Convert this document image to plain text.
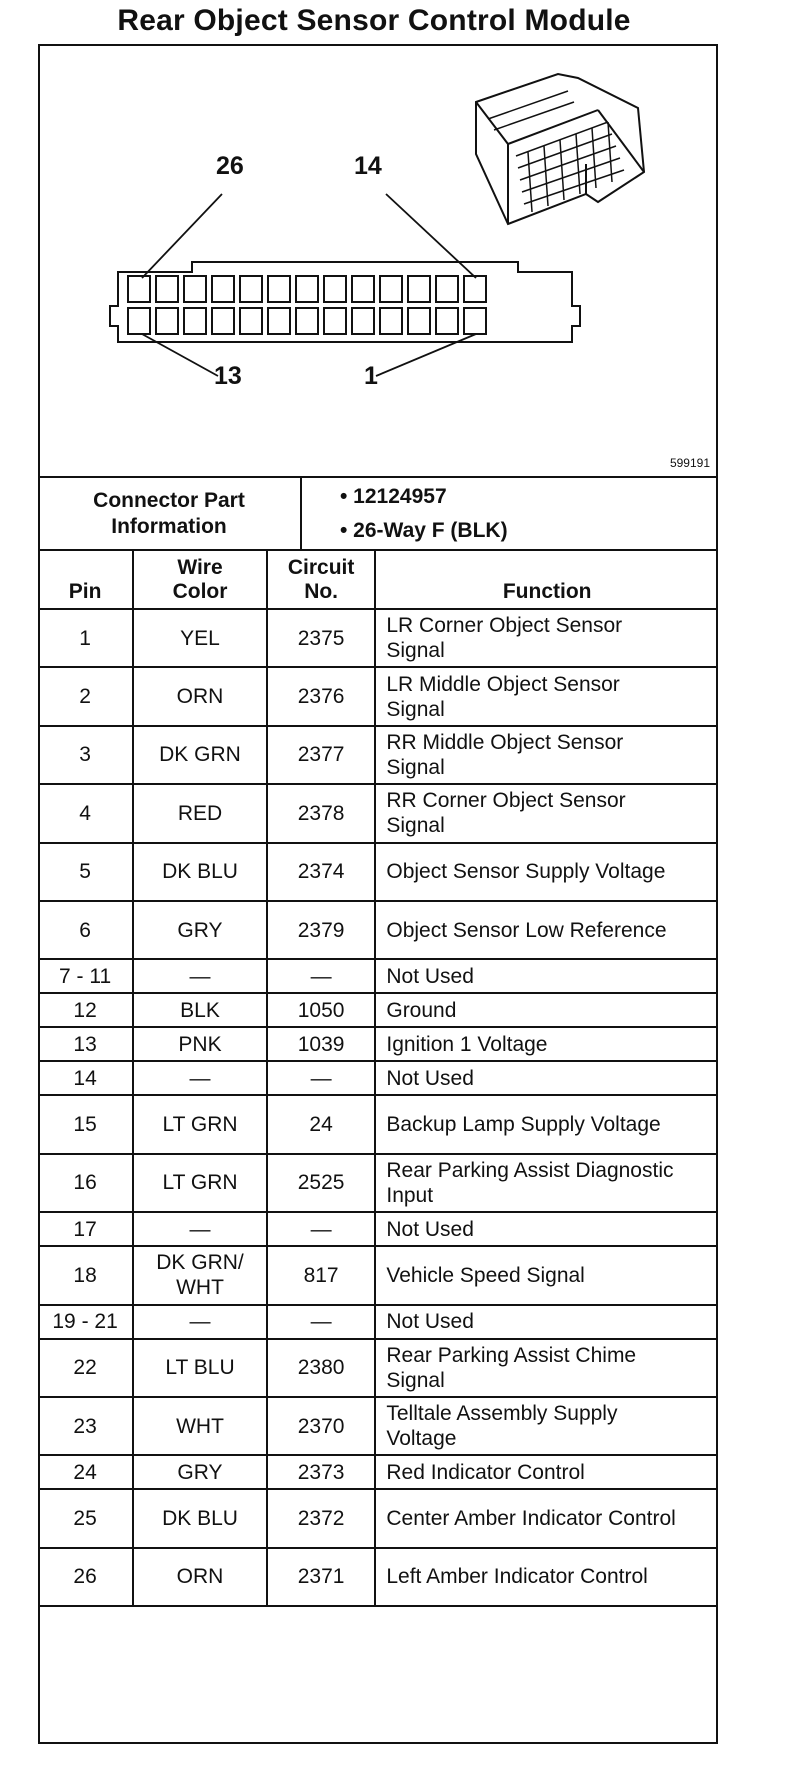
Rear Object Sensor Control Module
26	14
13	1
599191
Connector Part Information
• 12124957
• 26-Way F (BLK)
Pin	Wire Color	Circuit No.	Function
1	YEL	2375	LR Corner Object Sensor Signal
2	ORN	2376	LR Middle Object Sensor Signal
3	DK GRN	2377	RR Middle Object Sensor Signal
4	RED	2378	RR Corner Object Sensor Signal
5	DK BLU	2374	Object Sensor Supply Voltage
6	GRY	2379	Object Sensor Low Reference
7 - 11	—	—	Not Used
12	BLK	1050	Ground
13	PNK	1039	Ignition 1 Voltage
14	—	—	Not Used
15	LT GRN	24	Backup Lamp Supply Voltage
16	LT GRN	2525	Rear Parking Assist Diagnostic Input
17	—	—	Not Used
18	DK GRN/ WHT	817	Vehicle Speed Signal
19 - 21	—	—	Not Used
22	LT BLU	2380	Rear Parking Assist Chime Signal
23	WHT	2370	Telltale Assembly Supply Voltage
24	GRY	2373	Red Indicator Control
25	DK BLU	2372	Center Amber Indicator Control
26	ORN	2371	Left Amber Indicator Control
